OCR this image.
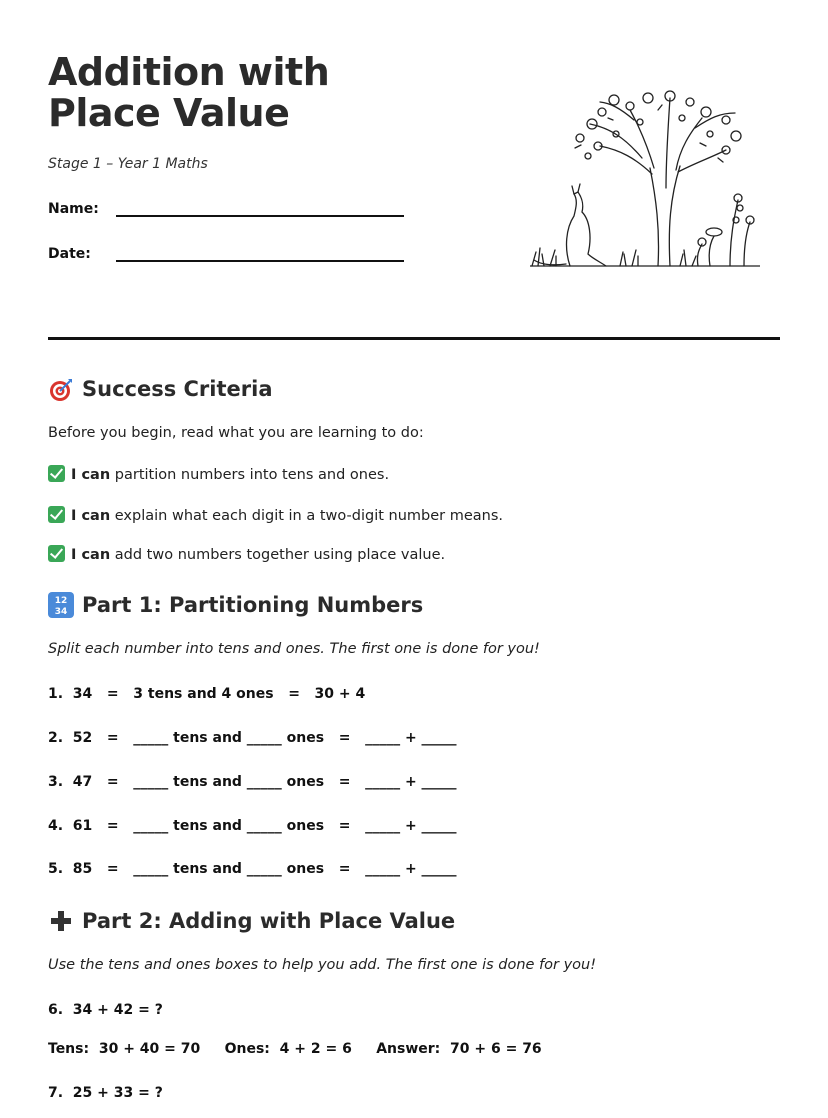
Addition with Place Value
Stage 1 – Year 1 Maths
Name:
Date:
Success Criteria
Before you begin, read what you are learning to do:
I can partition numbers into tens and ones.
I can explain what each digit in a two-digit number means.
I can add two numbers together using place value.
12
34 Part 1: Partitioning Numbers
Split each number into tens and ones. The first one is done for you!
1.  34   =   3 tens and 4 ones   =   30 + 4
2.  52   =   _____ tens and _____ ones   =   _____ + _____
3.  47   =   _____ tens and _____ ones   =   _____ + _____
4.  61   =   _____ tens and _____ ones   =   _____ + _____
5.  85   =   _____ tens and _____ ones   =   _____ + _____
Part 2: Adding with Place Value
Use the tens and ones boxes to help you add. The first one is done for you!
6.  34 + 42 = ?
Tens:  30 + 40 = 70     Ones:  4 + 2 = 6     Answer:  70 + 6 = 76
7.  25 + 33 = ?
